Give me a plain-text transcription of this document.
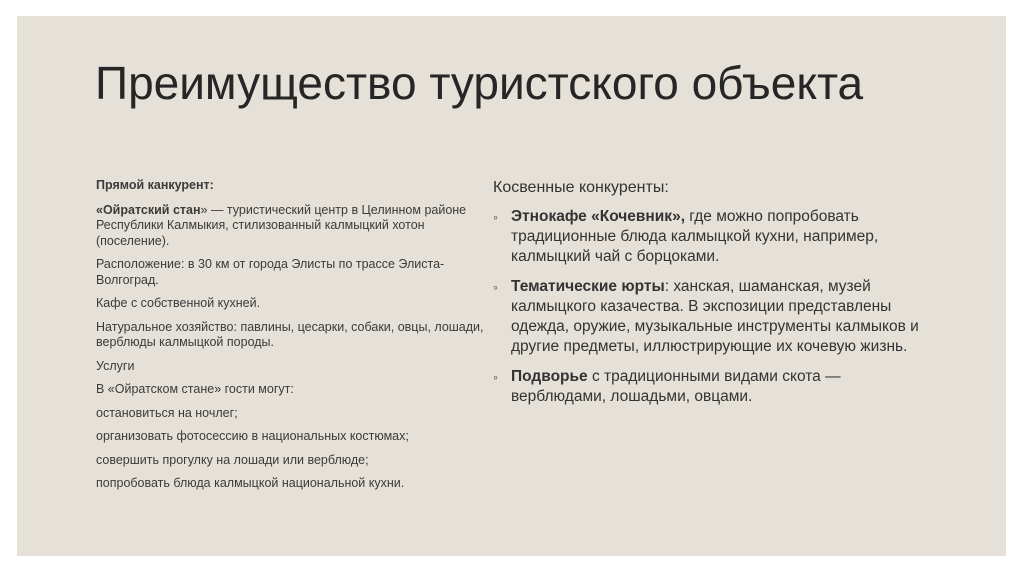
Преимущество туристского объекта

Прямой канкурент:

«Ойратский стан» — туристический центр в Целинном районе Республики Калмыкия, стилизованный калмыцкий хотон (поселение).

Расположение: в 30 км от города Элисты по трассе Элиста-Волгоград.

Кафе с собственной кухней.

Натуральное хозяйство: павлины, цесарки, собаки, овцы, лошади, верблюды калмыцкой породы.

Услуги

В «Ойратском стане» гости могут:

остановиться на ночлег;

организовать фотосессию в национальных костюмах;

совершить прогулку на лошади или верблюде;

попробовать блюда калмыцкой национальной кухни.

Косвенные конкуренты:

◦ Этнокафе «Кочевник», где можно попробовать традиционные блюда калмыцкой кухни, например, калмыцкий чай с борцоками.
◦ Тематические юрты: ханская, шаманская, музей калмыцкого казачества. В экспозиции представлены одежда, оружие, музыкальные инструменты калмыков и другие предметы, иллюстрирующие их кочевую жизнь.
◦ Подворье с традиционными видами скота — верблюдами, лошадьми, овцами.
